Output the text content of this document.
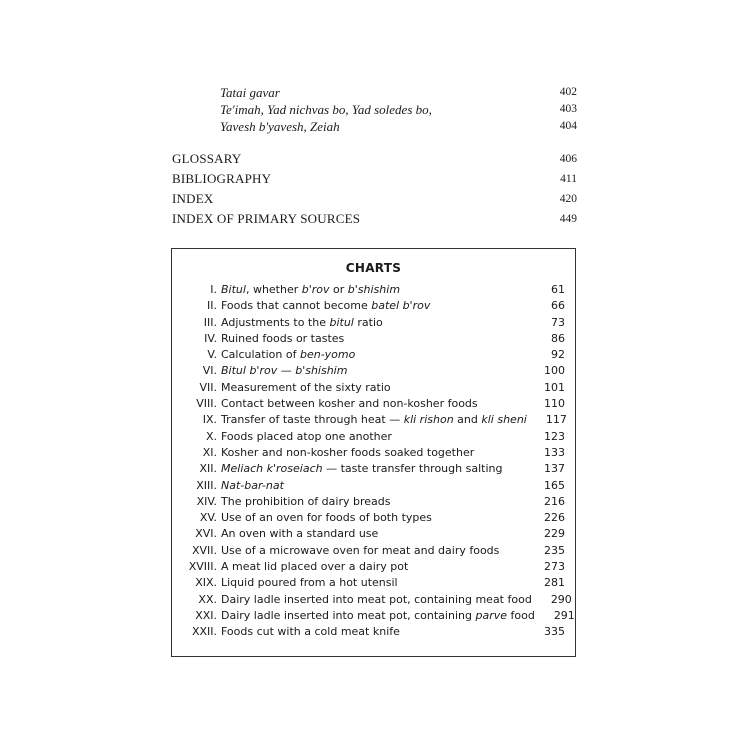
Tatai gavar	402
Te'imah, Yad nichvas bo, Yad soledes bo,	403
Yavesh b'yavesh, Zeiah	404
GLOSSARY	406
BIBLIOGRAPHY	411
INDEX	420
INDEX OF PRIMARY SOURCES	449
CHARTS
I. Bitul, whether b'rov or b'shishim	61
II. Foods that cannot become batel b'rov	66
III. Adjustments to the bitul ratio	73
IV. Ruined foods or tastes	86
V. Calculation of ben-yomo	92
VI. Bitul b'rov — b'shishim	100
VII. Measurement of the sixty ratio	101
VIII. Contact between kosher and non-kosher foods	110
IX. Transfer of taste through heat — kli rishon and kli sheni	117
X. Foods placed atop one another	123
XI. Kosher and non-kosher foods soaked together	133
XII. Meliach k'roseiach — taste transfer through salting	137
XIII. Nat-bar-nat	165
XIV. The prohibition of dairy breads	216
XV. Use of an oven for foods of both types	226
XVI. An oven with a standard use	229
XVII. Use of a microwave oven for meat and dairy foods	235
XVIII. A meat lid placed over a dairy pot	273
XIX. Liquid poured from a hot utensil	281
XX. Dairy ladle inserted into meat pot, containing meat food	290
XXI. Dairy ladle inserted into meat pot, containing parve food	291
XXII. Foods cut with a cold meat knife	335
